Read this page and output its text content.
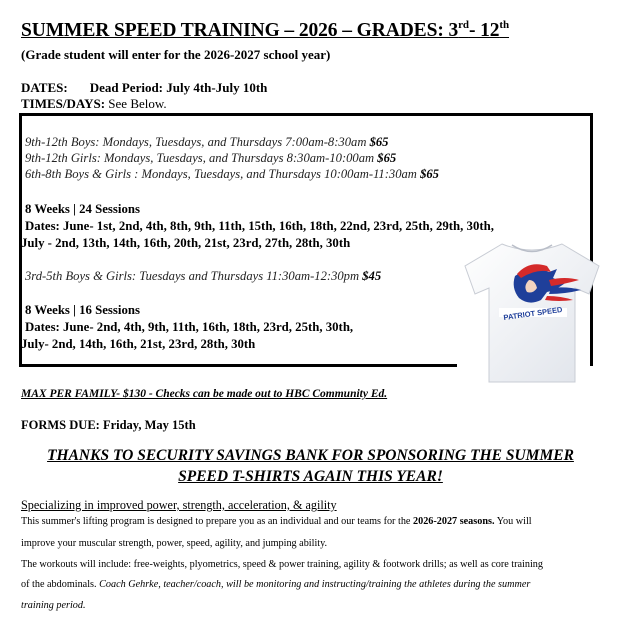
SUMMER SPEED TRAINING – 2026 – GRADES: 3rd- 12th
(Grade student will enter for the 2026-2027 school year)
DATES: Dead Period: July 4th-July 10th
TIMES/DAYS: See Below.
9th-12th Boys: Mondays, Tuesdays, and Thursdays 7:00am-8:30am $65
9th-12th Girls: Mondays, Tuesdays, and Thursdays 8:30am-10:00am $65
6th-8th Boys & Girls : Mondays, Tuesdays, and Thursdays 10:00am-11:30am $65
8 Weeks | 24 Sessions
Dates: June- 1st, 2nd, 4th, 8th, 9th, 11th, 15th, 16th, 18th, 22nd, 23rd, 25th, 29th, 30th,
July - 2nd, 13th, 14th, 16th, 20th, 21st, 23rd, 27th, 28th, 30th
3rd-5th Boys & Girls: Tuesdays and Thursdays 11:30am-12:30pm $45
8 Weeks | 16 Sessions
Dates: June- 2nd, 4th, 9th, 11th, 16th, 18th, 23rd, 25th, 30th,
July- 2nd, 14th, 16th, 21st, 23rd, 28th, 30th
PATRIOT SPEED
MAX PER FAMILY- $130 - Checks can be made out to HBC Community Ed.
FORMS DUE: Friday, May 15th
THANKS TO SECURITY SAVINGS BANK FOR SPONSORING THE SUMMER
SPEED T-SHIRTS AGAIN THIS YEAR!
Specializing in improved power, strength, acceleration, & agility
This summer's lifting program is designed to prepare you as an individual and our teams for the 2026-2027 seasons. You will
improve your muscular strength, power, speed, agility, and jumping ability.
The workouts will include: free-weights, plyometrics, speed & power training, agility & footwork drills; as well as core training
of the abdominals. Coach Gehrke, teacher/coach, will be monitoring and instructing/training the athletes during the summer
training period.
